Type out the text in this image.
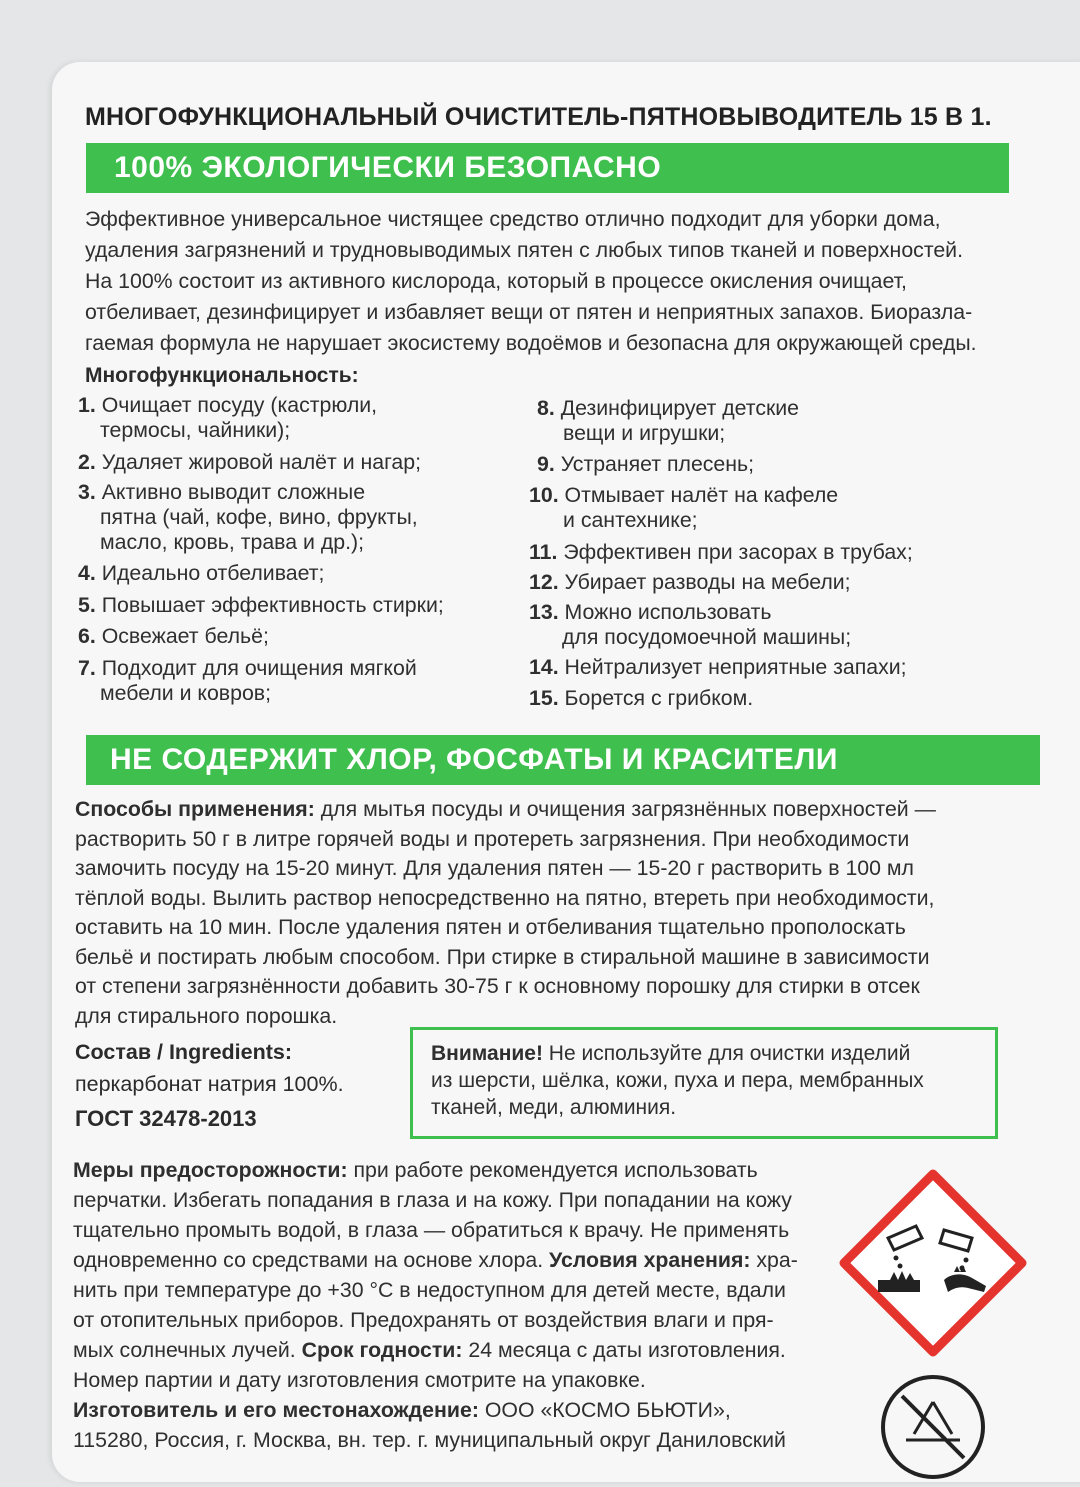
МНОГОФУНКЦИОНАЛЬНЫЙ ОЧИСТИТЕЛЬ-ПЯТНОВЫВОДИТЕЛЬ 15 В 1.
100% ЭКОЛОГИЧЕСКИ БЕЗОПАСНО
Эффективное универсальное чистящее средство отлично подходит для уборки дома,
удаления загрязнений и трудновыводимых пятен с любых типов тканей и поверхностей.
На 100% состоит из активного кислорода, который в процессе окисления очищает,
отбеливает, дезинфицирует и избавляет вещи от пятен и неприятных запахов. Биоразла-
гаемая формула не нарушает экосистему водоёмов и безопасна для окружающей среды.
Многофункциональность:
1. Очищает посуду (кастрюли,
термосы, чайники);
2. Удаляет жировой налёт и нагар;
3. Активно выводит сложные
пятна (чай, кофе, вино, фрукты,
масло, кровь, трава и др.);
4. Идеально отбеливает;
5. Повышает эффективность стирки;
6. Освежает бельё;
7. Подходит для очищения мягкой
мебели и ковров;
8. Дезинфицирует детские
вещи и игрушки;
9. Устраняет плесень;
10. Отмывает налёт на кафеле
и сантехнике;
11. Эффективен при засорах в трубах;
12. Убирает разводы на мебели;
13. Можно использовать
для посудомоечной машины;
14. Нейтрализует неприятные запахи;
15. Борется с грибком.
НЕ СОДЕРЖИТ ХЛОР, ФОСФАТЫ И КРАСИТЕЛИ
Способы применения: для мытья посуды и очищения загрязнённых поверхностей —
растворить 50 г в литре горячей воды и протереть загрязнения. При необходимости
замочить посуду на 15-20 минут. Для удаления пятен — 15-20 г растворить в 100 мл
тёплой воды. Вылить раствор непосредственно на пятно, втереть при необходимости,
оставить на 10 мин. После удаления пятен и отбеливания тщательно прополоскать
бельё и постирать любым способом. При стирке в стиральной машине в зависимости
от степени загрязнённости добавить 30-75 г к основному порошку для стирки в отсек
для стирального порошка.
Состав / Ingredients:
перкарбонат натрия 100%.
ГОСТ 32478-2013
Внимание! Не используйте для очистки изделий
из шерсти, шёлка, кожи, пуха и пера, мембранных
тканей, меди, алюминия.
Меры предосторожности: при работе рекомендуется использовать
перчатки. Избегать попадания в глаза и на кожу. При попадании на кожу
тщательно промыть водой, в глаза — обратиться к врачу. Не применять
одновременно со средствами на основе хлора. Условия хранения: хра-
нить при температуре до +30 °С в недоступном для детей месте, вдали
от отопительных приборов. Предохранять от воздействия влаги и пря-
мых солнечных лучей. Срок годности: 24 месяца с даты изготовления.
Номер партии и дату изготовления смотрите на упаковке.
Изготовитель и его местонахождение: ООО «КОСМО БЬЮТИ»,
115280, Россия, г. Москва, вн. тер. г. муниципальный округ Даниловский
